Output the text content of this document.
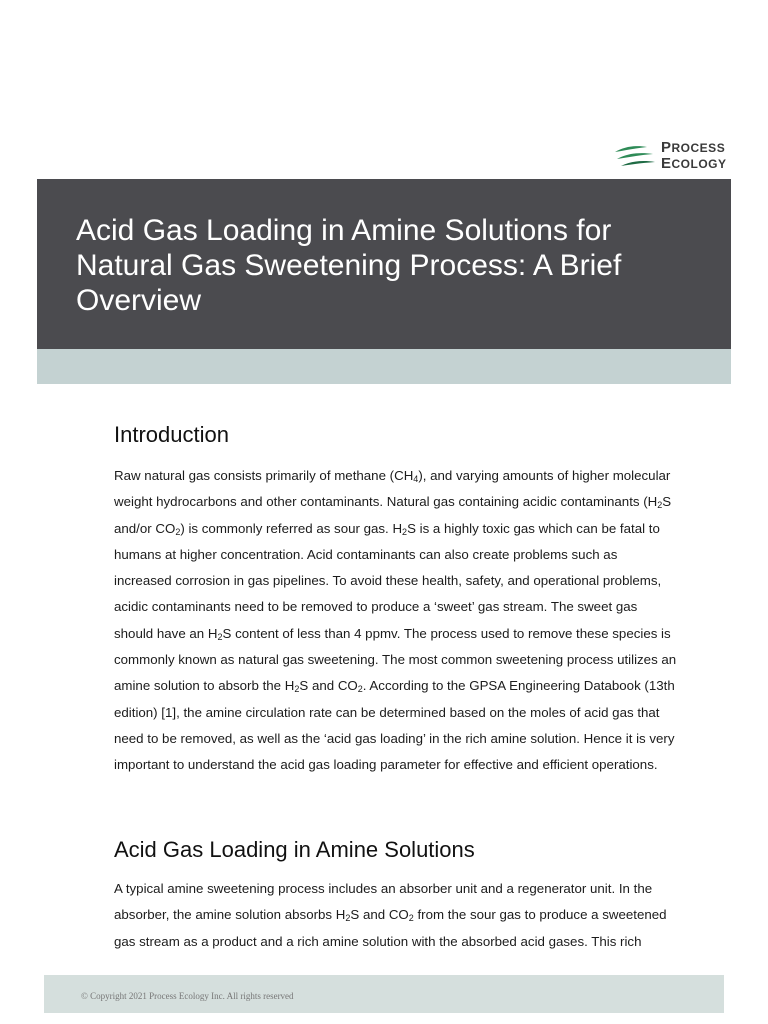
PROCESS
ECOLOGY
Acid Gas Loading in Amine Solutions for
Natural Gas Sweetening Process: A Brief
Overview
Introduction
Raw natural gas consists primarily of methane $(CH_4)$, and varying amounts of higher molecular
weight hydrocarbons and other contaminants. Natural gas containing acidic contaminants ($H_2S$
and/or $CO_2$) is commonly referred as sour gas. $H_2S$ is a highly toxic gas which can be fatal to
humans at higher concentration. Acid contaminants can also create problems such as
increased corrosion in gas pipelines. To avoid these health, safety, and operational problems,
acidic contaminants need to be removed to produce a ‘sweet’ gas stream. The sweet gas
should have an $H_2S$ content of less than 4 ppmv. The process used to remove these species is
commonly known as natural gas sweetening. The most common sweetening process utilizes an
amine solution to absorb the $H_2S$ and $CO_2$. According to the GPSA Engineering Databook (13th
edition) [1], the amine circulation rate can be determined based on the moles of acid gas that
need to be removed, as well as the ‘acid gas loading’ in the rich amine solution. Hence it is very
important to understand the acid gas loading parameter for effective and efficient operations.
Acid Gas Loading in Amine Solutions
A typical amine sweetening process includes an absorber unit and a regenerator unit. In the
absorber, the amine solution absorbs $H_2S$ and $CO_2$ from the sour gas to produce a sweetened
gas stream as a product and a rich amine solution with the absorbed acid gases. This rich
© Copyright 2021 Process Ecology Inc. All rights reserved
